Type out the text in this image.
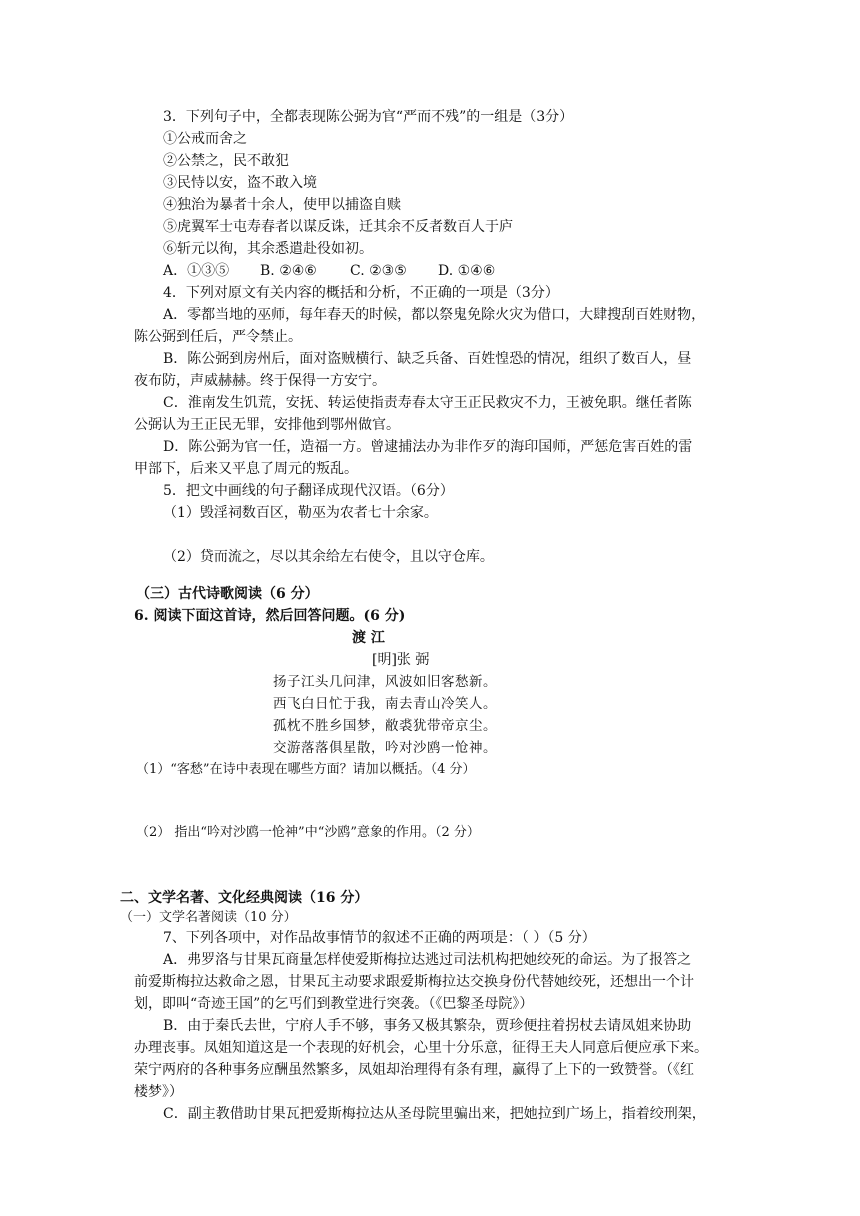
3．下列句子中，全都表现陈公弼为官“严而不残”的一组是（3分）
①公戒而舍之
②公禁之，民不敢犯
③民恃以安，盗不敢入境
④独治为暴者十余人，使甲以捕盗自赎
⑤虎翼军士屯寿春者以谋反诛，迁其余不反者数百人于庐
⑥斩元以徇，其余悉遣赴役如初。
A．①③⑤ B. ②④⑥ C. ②③⑤ D. ①④⑥
4．下列对原文有关内容的概括和分析，不正确的一项是（3分）
A．零都当地的巫师，每年春天的时候，都以祭鬼免除火灾为借口，大肆搜刮百姓财物，
陈公弼到任后，严令禁止。
B．陈公弼到房州后，面对盗贼横行、缺乏兵备、百姓惶恐的情况，组织了数百人，昼
夜布防，声威赫赫。终于保得一方安宁。
C．淮南发生饥荒，安抚、转运使指责寿春太守王正民救灾不力，王被免职。继任者陈
公弼认为王正民无罪，安排他到鄂州做官。
D．陈公弼为官一任，造福一方。曾逮捕法办为非作歹的海印国师，严惩危害百姓的雷
甲部下，后来又平息了周元的叛乱。
5．把文中画线的句子翻译成现代汉语。（6分）
（1）毁淫祠数百区，勒巫为农者七十余家。
（2）贷而流之，尽以其余给左右使令，且以守仓库。
（三）古代诗歌阅读（6 分）
6. 阅读下面这首诗，然后回答问题。(6 分)
渡 江
[明]张 弼
扬子江头几问津，风波如旧客愁新。
西飞白日忙于我，南去青山冷笑人。
孤枕不胜乡国梦，敝裘犹带帝京尘。
交游落落俱星散，吟对沙鸥一怆神。
（1）“客愁”在诗中表现在哪些方面？请加以概括。（4 分）
（2） 指出“吟对沙鸥一怆神”中“沙鸥”意象的作用。（2 分）
二、文学名著、文化经典阅读（16 分）
（一）文学名著阅读（10 分）
7、下列各项中，对作品故事情节的叙述不正确的两项是：（ ）（5 分）
A．弗罗洛与甘果瓦商量怎样使爱斯梅拉达逃过司法机构把她绞死的命运。为了报答之
前爱斯梅拉达救命之恩，甘果瓦主动要求跟爱斯梅拉达交换身份代替她绞死，还想出一个计
划，即叫“奇迹王国”的乞丐们到教堂进行突袭。（《巴黎圣母院》）
B．由于秦氏去世，宁府人手不够，事务又极其繁杂，贾珍便拄着拐杖去请凤姐来协助
办理丧事。凤姐知道这是一个表现的好机会，心里十分乐意，征得王夫人同意后便应承下来。
荣宁两府的各种事务应酬虽然繁多，凤姐却治理得有条有理，赢得了上下的一致赞誉。（《红
楼梦》）
C．副主教借助甘果瓦把爱斯梅拉达从圣母院里骗出来，把她拉到广场上，指着绞刑架，
